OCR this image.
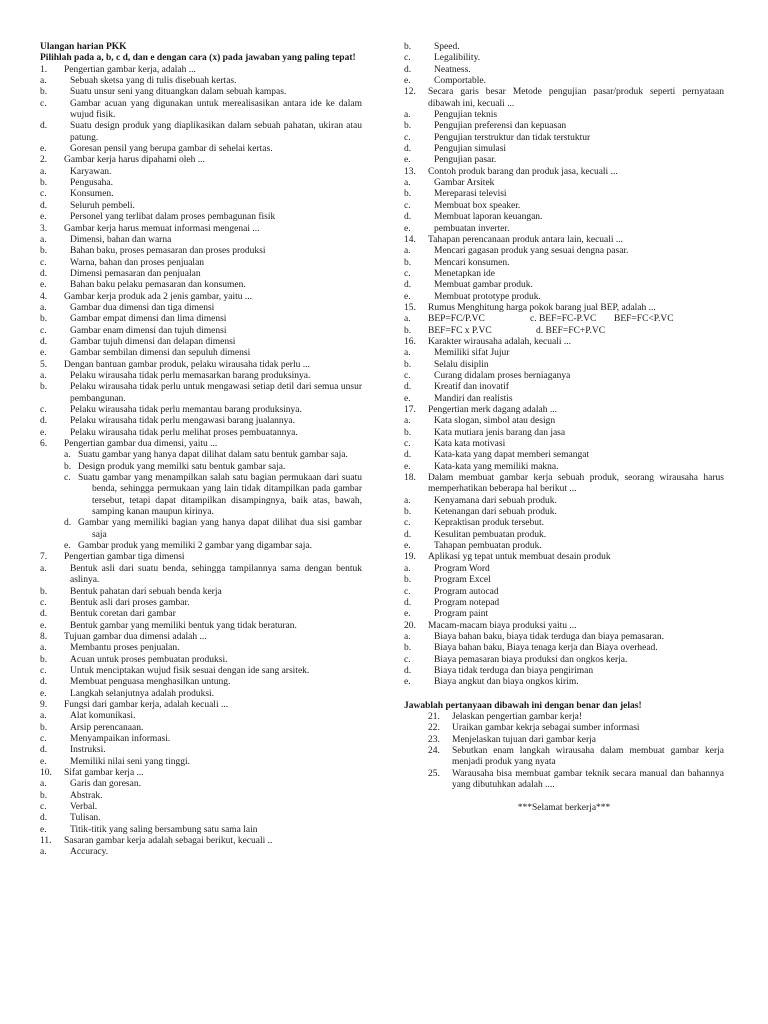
Ulangan harian PKK
Pilihlah pada a, b, c d, dan e dengan cara (x) pada jawaban yang paling tepat!
1.	Pengertian gambar kerja, adalah ...
a.	Sebuah sketsa yang di tulis disebuah kertas.
b.	Suatu unsur seni yang dituangkan dalam sebuah kampas.
c.	Gambar acuan yang digunakan untuk merealisasikan antara ide ke dalam wujud fisik.
d.	Suatu design produk yang diaplikasikan dalam sebuah pahatan, ukiran atau patung.
e.	Goresan pensil yang berupa gambar di sehelai kertas.
2.	Gambar kerja harus dipahami oleh ...
a.	Karyawan.
b.	Pengusaha.
c.	Konsumen.
d.	Seluruh pembeli.
e.	Personel yang terlibat dalam proses pembagunan fisik
3.	Gambar kerja harus memuat informasi mengenai ...
a.	Dimensi, bahan dan warna
b.	Bahan baku, proses pemasaran dan proses produksi
c.	Warna, bahan dan proses penjualan
d.	Dimensi pemasaran dan penjualan
e.	Bahan baku pelaku pemasaran dan konsumen.
4.	Gambar kerja produk ada 2 jenis gambar, yaitu ...
a.	Gambar dua dimensi dan tiga dimensi
b.	Gambar empat dimensi dan lima dimensi
c.	Gambar enam dimensi dan tujuh dimensi
d.	Gambar tujuh dimensi dan delapan dimensi
e.	Gambar sembilan dimensi dan sepuluh dimensi
5.	Dengan bantuan gambar produk, pelaku wirausaha tidak perlu ...
a.	Pelaku wirausaha tidak perlu memasarkan barang produksinya.
b.	Pelaku wirausaha tidak perlu untuk mengawasi setiap detil dari semua unsur pembangunan.
c.	Pelaku wirausaha tidak perlu memantau barang produksinya.
d.	Pelaku wirausaha tidak perlu mengawasi barang jualannya.
e.	Pelaku wirausaha tidak perlu melihat proses pembuatannya.
6.	Pengertian gambar dua dimensi, yaitu ...
a. Suatu gambar yang hanya dapat dilihat dalam satu bentuk gambar saja.
b. Design produk yang memilki satu bentuk gambar saja.
c. Suatu gambar yang menampilkan salah satu bagian permukaan dari suatu benda, sehingga permukaan yang lain tidak ditampilkan pada gambar tersebut, tetapi dapat ditampilkan disampingnya, baik atas, bawah, samping kanan maupun kirinya.
d. Gambar yang memiliki bagian yang hanya dapat dilihat dua sisi gambar saja
e. Gambar produk yang memiliki 2 gambar yang digambar saja.
7.	Pengertian gambar tiga dimensi
a.	Bentuk asli dari suatu benda, sehingga tampilannya sama dengan bentuk aslinya.
b.	Bentuk pahatan dari sebuah benda kerja
c.	Bentuk asli dari proses gambar.
d.	Bentuk coretan dari gambar
e.	Bentuk gambar yang memiliki bentuk yang tidak beraturan.
8.	Tujuan gambar dua dimensi adalah ...
a.	Membantu proses penjualan.
b.	Acuan untuk proses pembuatan produksi.
c.	Untuk menciptakan wujud fisik sesuai dengan ide sang arsitek.
d.	Membuat penguasa menghasilkan untung.
e.	Langkah selanjutnya adalah produksi.
9.	Fungsi dari gambar kerja, adalah kecuali ...
a.	Alat komunikasi.
b.	Arsip perencanaan.
c.	Menyampaikan informasi.
d.	Instruksi.
e.	Memiliki nilai seni yang tinggi.
10.	Sifat gambar kerja ...
a.	Garis dan goresan.
b.	Abstrak.
c.	Verbal.
d.	Tulisan.
e.	Titik-titik yang saling bersambung satu sama lain
11.	Sasaran gambar kerja adalah sebagai berikut, kecuali ..
a.	Accuracy.
b.	Speed.
c.	Legalibility.
d.	Neatness.
e.	Comportable.
12.	Secara garis besar Metode pengujian pasar/produk seperti pernyataan dibawah ini, kecuali ...
a.	Pengujian teknis
b.	Pengujian preferensi dan kepuasan
c.	Pengujian terstruktur dan tidak terstuktur
d.	Pengujian simulasi
e.	Pengujian pasar.
13.	Contoh produk barang dan produk jasa, kecuali ...
a.	Gambar Arsitek
b.	Mereparasi televisi
c.	Membuat box speaker.
d.	Membuat laporan keuangan.
e.	pembuatan inverter.
14.	Tahapan perencanaan produk antara lain, kecuali ...
a.	Mencari gagasan produk yang sesuai dengna pasar.
b.	Mencari konsumen.
c.	Menetapkan ide
d.	Membuat gambar produk.
e.	Membuat prototype produk.
15.	Rumus Menghitung harga pokok barang jual BEP, adalah ...
a.	BEP=FC/P.VC	c. BEF=FC-P.VC	BEF=FC<P.VC
b.	BEF=FC x P.VC	d. BEF=FC+P.VC
16.	Karakter wirausaha adalah, kecuali ...
a.	Memiliki sifat Jujur
b.	Selalu disiplin
c.	Curang didalam proses berniaganya
d.	Kreatif dan inovatif
e.	Mandiri dan realistis
17.	Pengertian merk dagang adalah ...
a.	Kata slogan, simbol atau design
b.	Kata mutiara jenis barang dan jasa
c.	Kata kata motivasi
d.	Kata-kata yang dapat memberi semangat
e.	Kata-kata yang memiliki makna.
18.	Dalam membuat gambar kerja sebuah produk, seorang wirausaha harus memperhatikan beberapa hal berikut ...
a.	Kenyamana dari sebuah produk.
b.	Ketenangan dari sebuah produk.
c.	Kepraktisan produk tersebut.
d.	Kesulitan pembuatan produk.
e.	Tahapan pembuatan produk.
19.	Aplikasi yg tepat untuk membuat desain produk
a.	Program Word
b.	Program Excel
c.	Program autocad
d.	Program notepad
e.	Program paint
20.	Macam-macam biaya produksi yaitu ...
a.	Biaya bahan baku, biaya tidak terduga dan biaya pemasaran.
b.	Biaya bahan baku, Biaya tenaga kerja dan Biaya overhead.
c.	Biaya pemasaran biaya produksi dan ongkos kerja.
d.	Biaya tidak terduga dan biaya pengiriman
e.	Biaya angkut dan biaya ongkos kirim.
Jawablah pertanyaan dibawah ini dengan benar dan jelas!
21.	Jelaskan pengertian gambar kerja!
22.	Uraikan gambar kekrja sebagai sumber informasi
23.	Menjelaskan tujuan dari gambar kerja
24.	Sebutkan enam langkah wirausaha dalam membuat gambar kerja menjadi produk yang nyata
25.	Warausaha bisa membuat gambar teknik secara manual dan bahannya yang dibutuhkan adalah ....
***Selamat berkerja***
